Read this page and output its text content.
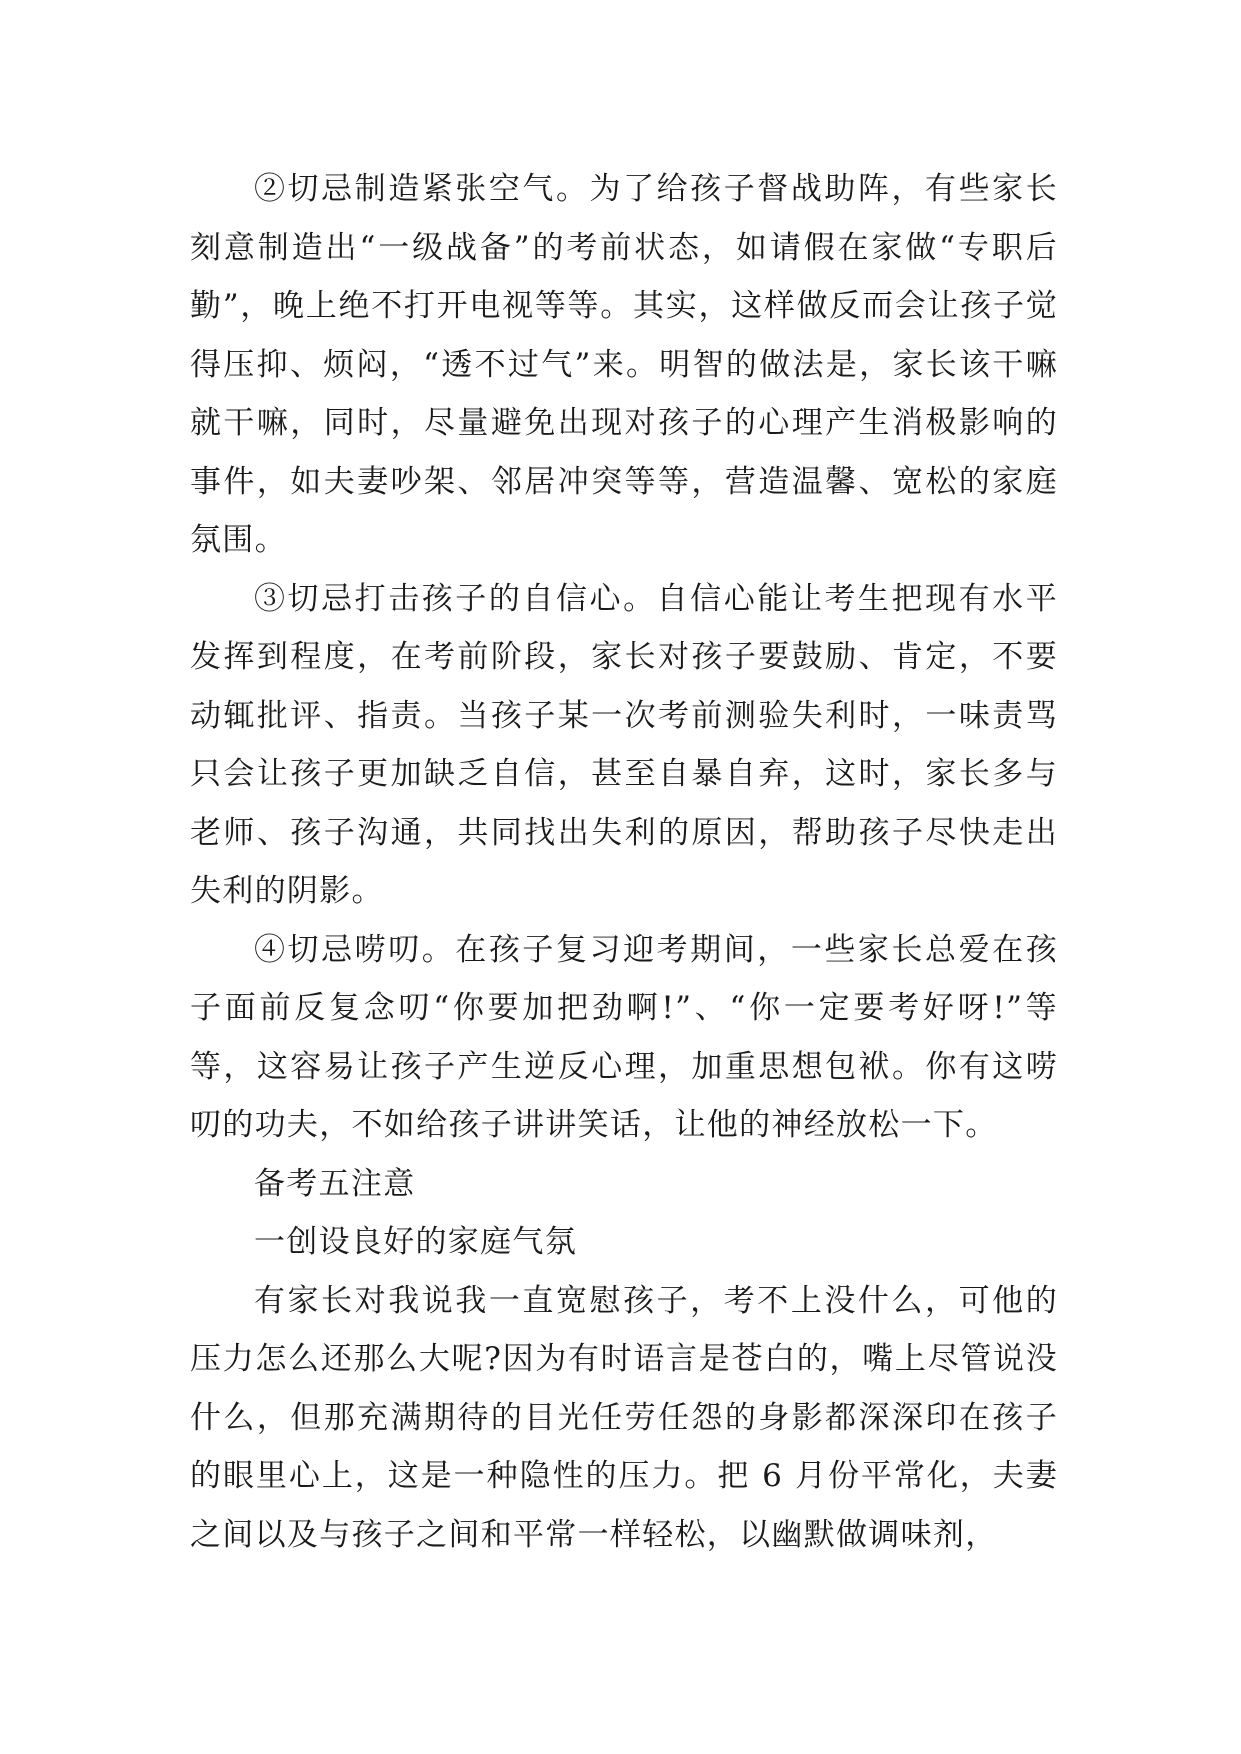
②切忌制造紧张空气。为了给孩子督战助阵，有些家长刻意制造出“一级战备”的考前状态，如请假在家做“专职后勤”，晚上绝不打开电视等等。其实，这样做反而会让孩子觉得压抑、烦闷，“透不过气”来。明智的做法是，家长该干嘛就干嘛，同时，尽量避免出现对孩子的心理产生消极影响的事件，如夫妻吵架、邻居冲突等等，营造温馨、宽松的家庭氛围。

③切忌打击孩子的自信心。自信心能让考生把现有水平发挥到程度，在考前阶段，家长对孩子要鼓励、肯定，不要动辄批评、指责。当孩子某一次考前测验失利时，一味责骂只会让孩子更加缺乏自信，甚至自暴自弃，这时，家长多与老师、孩子沟通，共同找出失利的原因，帮助孩子尽快走出失利的阴影。

④切忌唠叨。在孩子复习迎考期间，一些家长总爱在孩子面前反复念叨“你要加把劲啊!”、“你一定要考好呀!”等等，这容易让孩子产生逆反心理，加重思想包袱。你有这唠叨的功夫，不如给孩子讲讲笑话，让他的神经放松一下。

备考五注意

一创设良好的家庭气氛

有家长对我说我一直宽慰孩子，考不上没什么，可他的压力怎么还那么大呢?因为有时语言是苍白的，嘴上尽管说没什么，但那充满期待的目光任劳任怨的身影都深深印在孩子的眼里心上，这是一种隐性的压力。把 6 月份平常化，夫妻之间以及与孩子之间和平常一样轻松，以幽默做调味剂，
